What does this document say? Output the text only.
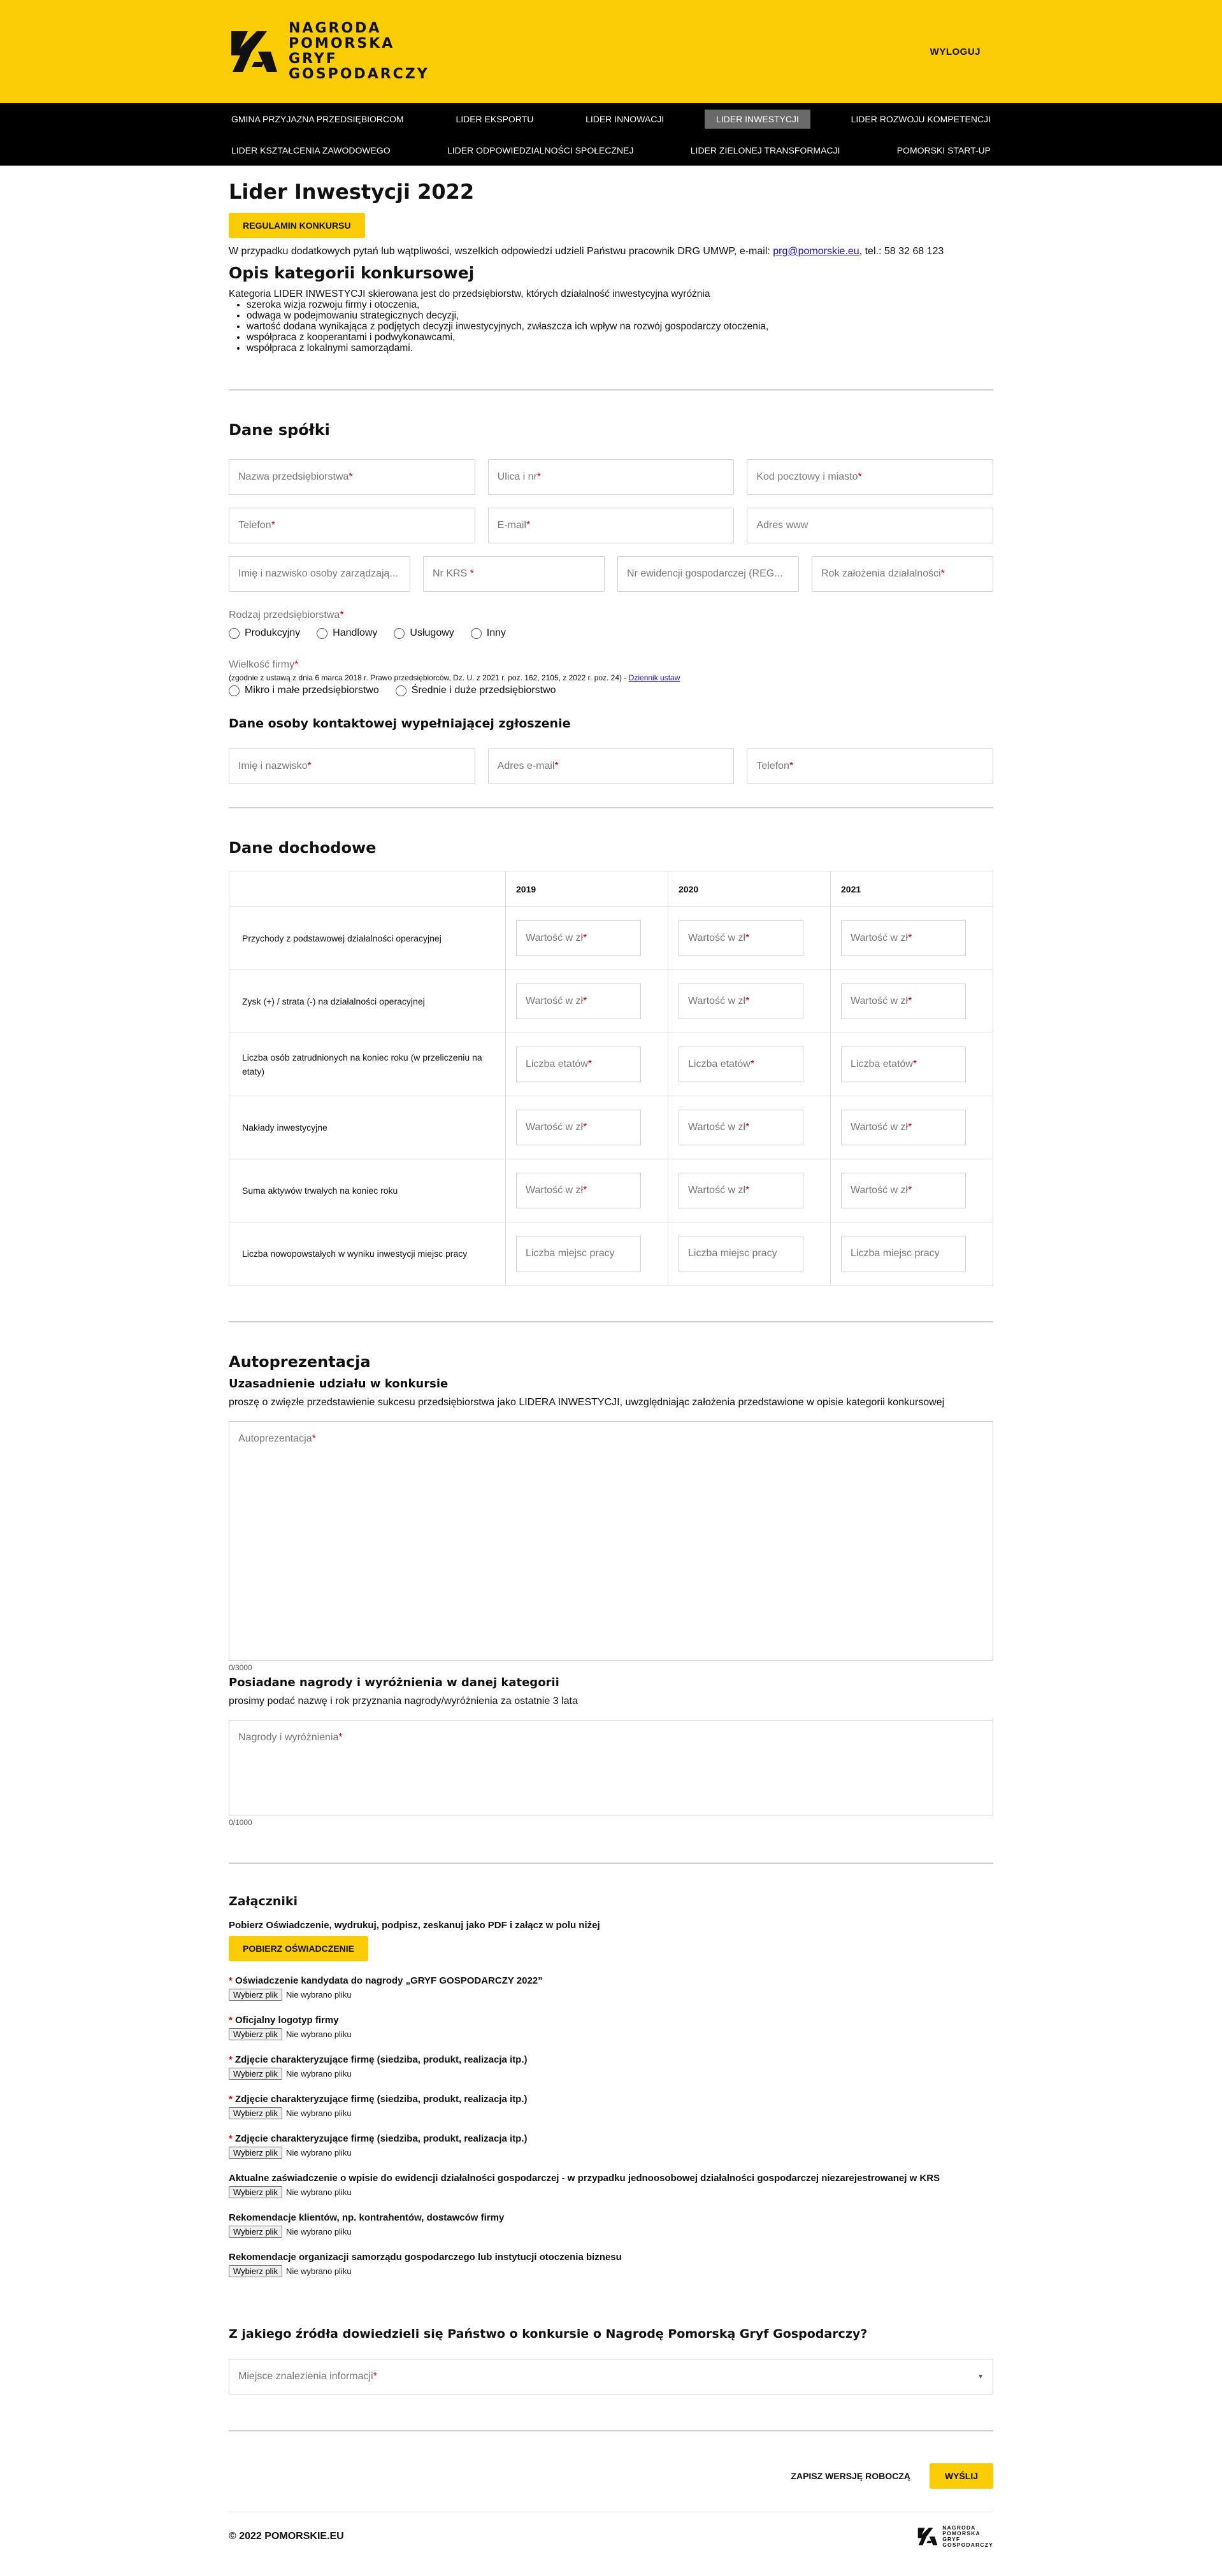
NAGRODA
POMORSKA
GRYF
GOSPODARCZY
WYLOGUJ
GMINA PRZYJAZNA PRZEDSIĘBIORCOM	LIDER EKSPORTU	LIDER INNOWACJI	LIDER INWESTYCJI	LIDER ROZWOJU KOMPETENCJI
LIDER KSZTAŁCENIA ZAWODOWEGO	LIDER ODPOWIEDZIALNOŚCI SPOŁECZNEJ	LIDER ZIELONEJ TRANSFORMACJI	POMORSKI START-UP
Lider Inwestycji 2022
REGULAMIN KONKURSU

W przypadku dodatkowych pytań lub wątpliwości, wszelkich odpowiedzi udzieli Państwu pracownik DRG UMWP, e-mail: prg@pomorskie.eu, tel.: 58 32 68 123

Opis kategorii konkursowej
Kategoria LIDER INWESTYCJI skierowana jest do przedsiębiorstw, których działalność inwestycyjna wyróżnia
• szeroka wizja rozwoju firmy i otoczenia,
• odwaga w podejmowaniu strategicznych decyzji,
• wartość dodana wynikająca z podjętych decyzji inwestycyjnych, zwłaszcza ich wpływ na rozwój gospodarczy otoczenia,
• współpraca z kooperantami i podwykonawcami,
• współpraca z lokalnymi samorządami.
Dane spółki
Nazwa przedsiębiorstwa *	Ulica i nr *	Kod pocztowy i miasto *
Telefon *	E-mail *	Adres www
Imię i nazwisko osoby zarządzają...	Nr KRS *	Nr ewidencji gospodarczej (REG...	Rok założenia działalności *
Rodzaj przedsiębiorstwa*
Produkcyjny	Handlowy	Usługowy	Inny
Wielkość firmy*
(zgodnie z ustawą z dnia 6 marca 2018 r. Prawo przedsiębiorców, Dz. U. z 2021 r. poz. 162, 2105, z 2022 r. poz. 24) - Dziennik ustaw
Mikro i małe przedsiębiorstwo	Średnie i duże przedsiębiorstwo
Dane osoby kontaktowej wypełniającej zgłoszenie
Imię i nazwisko *	Adres e-mail *	Telefon *
Dane dochodowe
	2019	2020	2021
Przychody z podstawowej działalności operacyjnej	Wartość w zł *	Wartość w zł *	Wartość w zł *

Zysk (+) / strata (-) na działalności operacyjnej	Wartość w zł *	Wartość w zł *	Wartość w zł *

Liczba osób zatrudnionych na koniec roku (w przeliczeniu na etaty)	Liczba etatów *	Liczba etatów *	Liczba etatów *

Nakłady inwestycyjne	Wartość w zł *	Wartość w zł *	Wartość w zł *

Suma aktywów trwałych na koniec roku	Wartość w zł *	Wartość w zł *	Wartość w zł *

Liczba nowopowstałych w wyniku inwestycji miejsc pracy	Liczba miejsc pracy	Liczba miejsc pracy	Liczba miejsc pracy
Autoprezentacja
Uzasadnienie udziału w konkursie
proszę o zwięzłe przedstawienie sukcesu przedsiębiorstwa jako LIDERA INWESTYCJI, uwzględniając założenia przedstawione w opisie kategorii konkursowej
Autoprezentacja*
0/3000
Posiadane nagrody i wyróżnienia w danej kategorii
prosimy podać nazwę i rok przyznania nagrody/wyróżnienia za ostatnie 3 lata
Nagrody i wyróżnienia*
0/1000
Załączniki
Pobierz Oświadczenie, wydrukuj, podpisz, zeskanuj jako PDF i załącz w polu niżej
POBIERZ OŚWIADCZENIE
* Oświadczenie kandydata do nagrody „GRYF GOSPODARCZY 2022”
Wybierz plik	Nie wybrano pliku
* Oficjalny logotyp firmy
Wybierz plik	Nie wybrano pliku
* Zdjęcie charakteryzujące firmę (siedziba, produkt, realizacja itp.)
Wybierz plik	Nie wybrano pliku
* Zdjęcie charakteryzujące firmę (siedziba, produkt, realizacja itp.)
Wybierz plik	Nie wybrano pliku
* Zdjęcie charakteryzujące firmę (siedziba, produkt, realizacja itp.)
Wybierz plik	Nie wybrano pliku
Aktualne zaświadczenie o wpisie do ewidencji działalności gospodarczej - w przypadku jednoosobowej działalności gospodarczej niezarejestrowanej w KRS
Wybierz plik	Nie wybrano pliku
Rekomendacje klientów, np. kontrahentów, dostawców firmy
Wybierz plik	Nie wybrano pliku
Rekomendacje organizacji samorządu gospodarczego lub instytucji otoczenia biznesu
Wybierz plik	Nie wybrano pliku
Z jakiego źródła dowiedzieli się Państwo o konkursie o Nagrodę Pomorską Gryf Gospodarczy?
Miejsce znalezienia informacji*	▼
ZAPISZ WERSJĘ ROBOCZĄ	WYŚLIJ
© 2022 POMORSKIE.EU
NAGRODA
POMORSKA
GRYF
GOSPODARCZY
